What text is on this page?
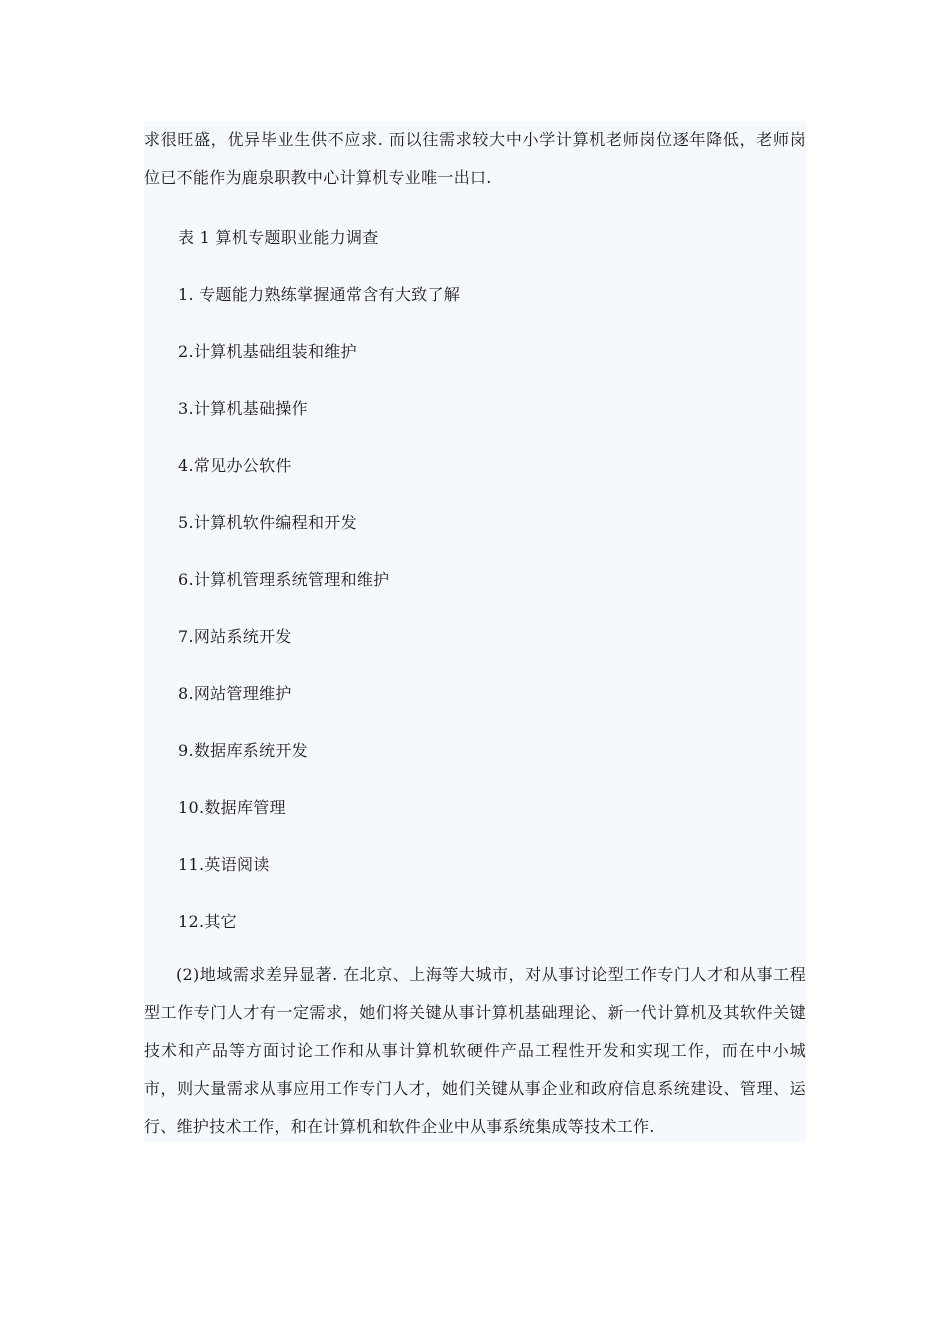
求很旺盛，优异毕业生供不应求. 而以往需求较大中小学计算机老师岗位逐年降低，老师岗位已不能作为鹿泉职教中心计算机专业唯一出口.

表 1 算机专题职业能力调查

1. 专题能力熟练掌握通常含有大致了解

2.计算机基础组装和维护

3.计算机基础操作

4.常见办公软件

5.计算机软件编程和开发

6.计算机管理系统管理和维护

7.网站系统开发

8.网站管理维护

9.数据库系统开发

10.数据库管理

11.英语阅读

12.其它

(2)地域需求差异显著. 在北京、上海等大城市，对从事讨论型工作专门人才和从事工程型工作专门人才有一定需求，她们将关键从事计算机基础理论、新一代计算机及其软件关键技术和产品等方面讨论工作和从事计算机软硬件产品工程性开发和实现工作，而在中小城市，则大量需求从事应用工作专门人才，她们关键从事企业和政府信息系统建设、管理、运行、维护技术工作，和在计算机和软件企业中从事系统集成等技术工作.
